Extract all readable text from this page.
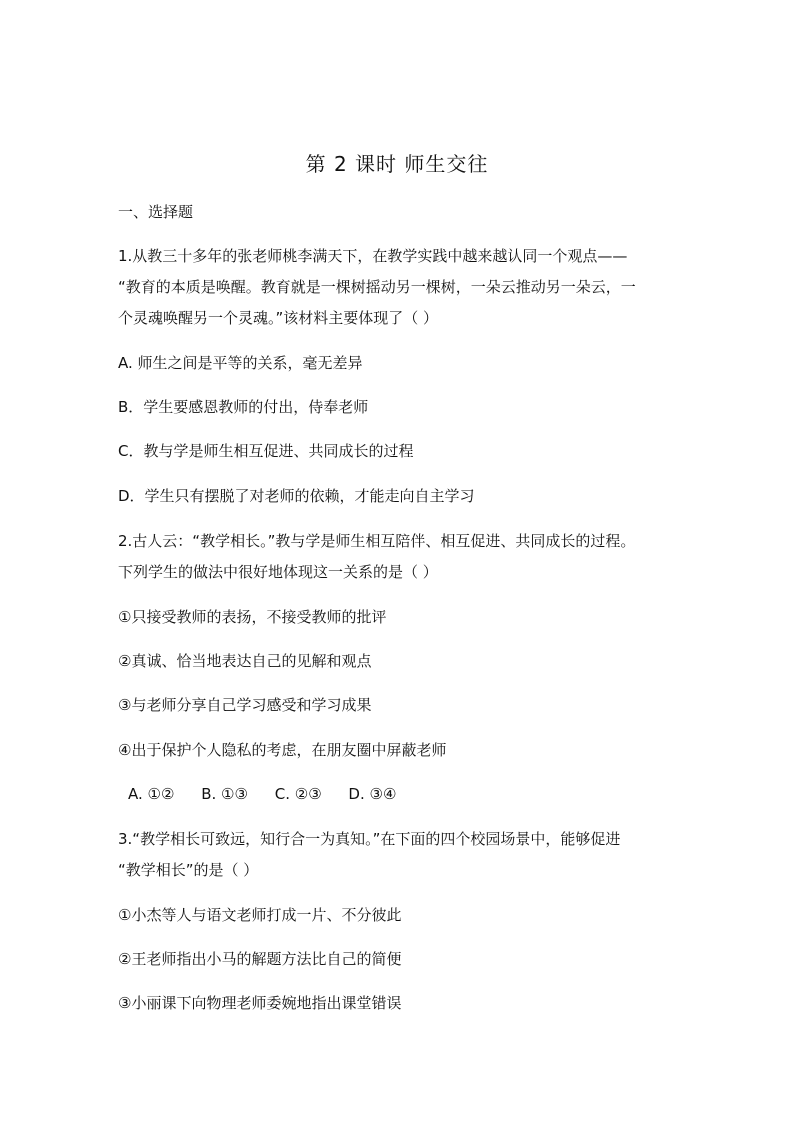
第 2 课时 师生交往

一、选择题

1.从教三十多年的张老师桃李满天下，在教学实践中越来越认同一个观点——

“教育的本质是唤醒。教育就是一棵树摇动另一棵树，一朵云推动另一朵云，一

个灵魂唤醒另一个灵魂。”该材料主要体现了（ ）

A. 师生之间是平等的关系，毫无差异

B．学生要感恩教师的付出，侍奉老师

C．教与学是师生相互促进、共同成长的过程

D．学生只有摆脱了对老师的依赖，才能走向自主学习

2.古人云：“教学相长。”教与学是师生相互陪伴、相互促进、共同成长的过程。

下列学生的做法中很好地体现这一关系的是（ ）

①只接受教师的表扬，不接受教师的批评

②真诚、恰当地表达自己的见解和观点

③与老师分享自己学习感受和学习成果

④出于保护个人隐私的考虑，在朋友圈中屏蔽老师

A. ①② B. ①③ C. ②③ D. ③④

3.“教学相长可致远，知行合一为真知。”在下面的四个校园场景中，能够促进

“教学相长”的是（ ）

①小杰等人与语文老师打成一片、不分彼此

②王老师指出小马的解题方法比自己的简便

③小丽课下向物理老师委婉地指出课堂错误
